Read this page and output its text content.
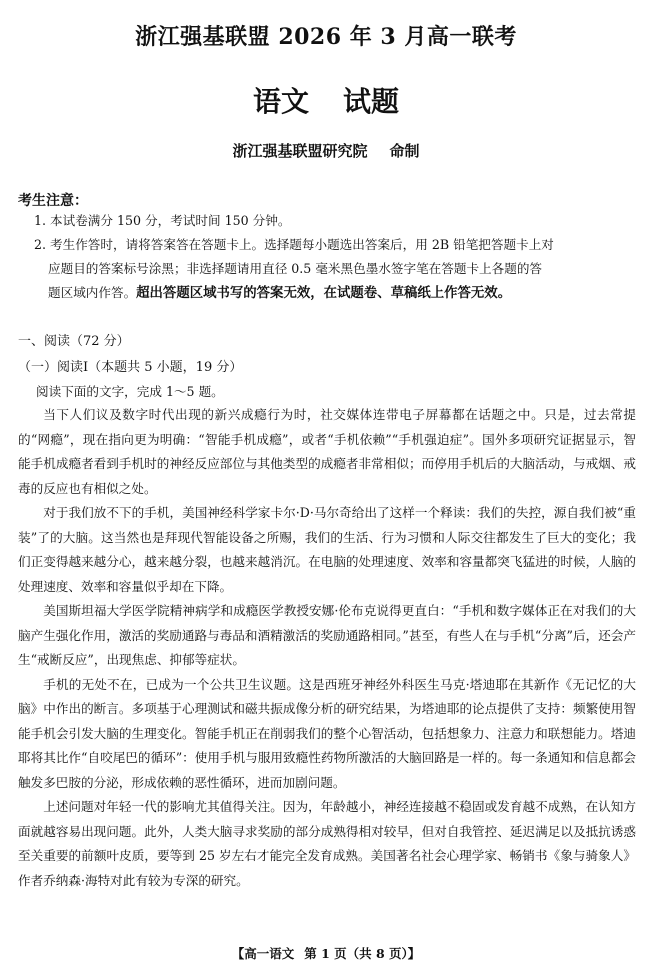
浙江强基联盟 2026 年 3 月高一联考
语文 试题
浙江强基联盟研究院 命制
考生注意：
1. 本试卷满分 150 分，考试时间 150 分钟。
2. 考生作答时，请将答案答在答题卡上。选择题每小题选出答案后，用 2B 铅笔把答题卡上对
应题目的答案标号涂黑；非选择题请用直径 0.5 毫米黑色墨水签字笔在答题卡上各题的答
题区域内作答。超出答题区域书写的答案无效，在试题卷、草稿纸上作答无效。
一、阅读（72 分）
（一）阅读Ⅰ（本题共 5 小题，19 分）
阅读下面的文字，完成 1～5 题。

当下人们议及数字时代出现的新兴成瘾行为时，社交媒体连带电子屏幕都在话题之中。只是，过去常提的“网瘾”，现在指向更为明确：“智能手机成瘾”，或者“手机依赖”“手机强迫症”。国外多项研究证据显示，智能手机成瘾者看到手机时的神经反应部位与其他类型的成瘾者非常相似；而停用手机后的大脑活动，与戒烟、戒毒的反应也有相似之处。

对于我们放不下的手机，美国神经科学家卡尔·D·马尔奇给出了这样一个释读：我们的失控，源自我们被“重装”了的大脑。这当然也是拜现代智能设备之所赐，我们的生活、行为习惯和人际交往都发生了巨大的变化；我们正变得越来越分心，越来越分裂，也越来越消沉。在电脑的处理速度、效率和容量都突飞猛进的时候，人脑的处理速度、效率和容量似乎却在下降。

美国斯坦福大学医学院精神病学和成瘾医学教授安娜·伦布克说得更直白：“手机和数字媒体正在对我们的大脑产生强化作用，激活的奖励通路与毒品和酒精激活的奖励通路相同。”甚至，有些人在与手机“分离”后，还会产生“戒断反应”，出现焦虑、抑郁等症状。

手机的无处不在，已成为一个公共卫生议题。这是西班牙神经外科医生马克·塔迪耶在其新作《无记忆的大脑》中作出的断言。多项基于心理测试和磁共振成像分析的研究结果，为塔迪耶的论点提供了支持：频繁使用智能手机会引发大脑的生理变化。智能手机正在削弱我们的整个心智活动，包括想象力、注意力和联想能力。塔迪耶将其比作“自咬尾巴的循环”：使用手机与服用致瘾性药物所激活的大脑回路是一样的。每一条通知和信息都会触发多巴胺的分泌，形成依赖的恶性循环，进而加剧问题。

上述问题对年轻一代的影响尤其值得关注。因为，年龄越小，神经连接越不稳固或发育越不成熟，在认知方面就越容易出现问题。此外，人类大脑寻求奖励的部分成熟得相对较早，但对自我管控、延迟满足以及抵抗诱惑至关重要的前额叶皮质，要等到 25 岁左右才能完全发育成熟。美国著名社会心理学家、畅销书《象与骑象人》作者乔纳森·海特对此有较为专深的研究。

【高一语文 第 1 页（共 8 页）】
